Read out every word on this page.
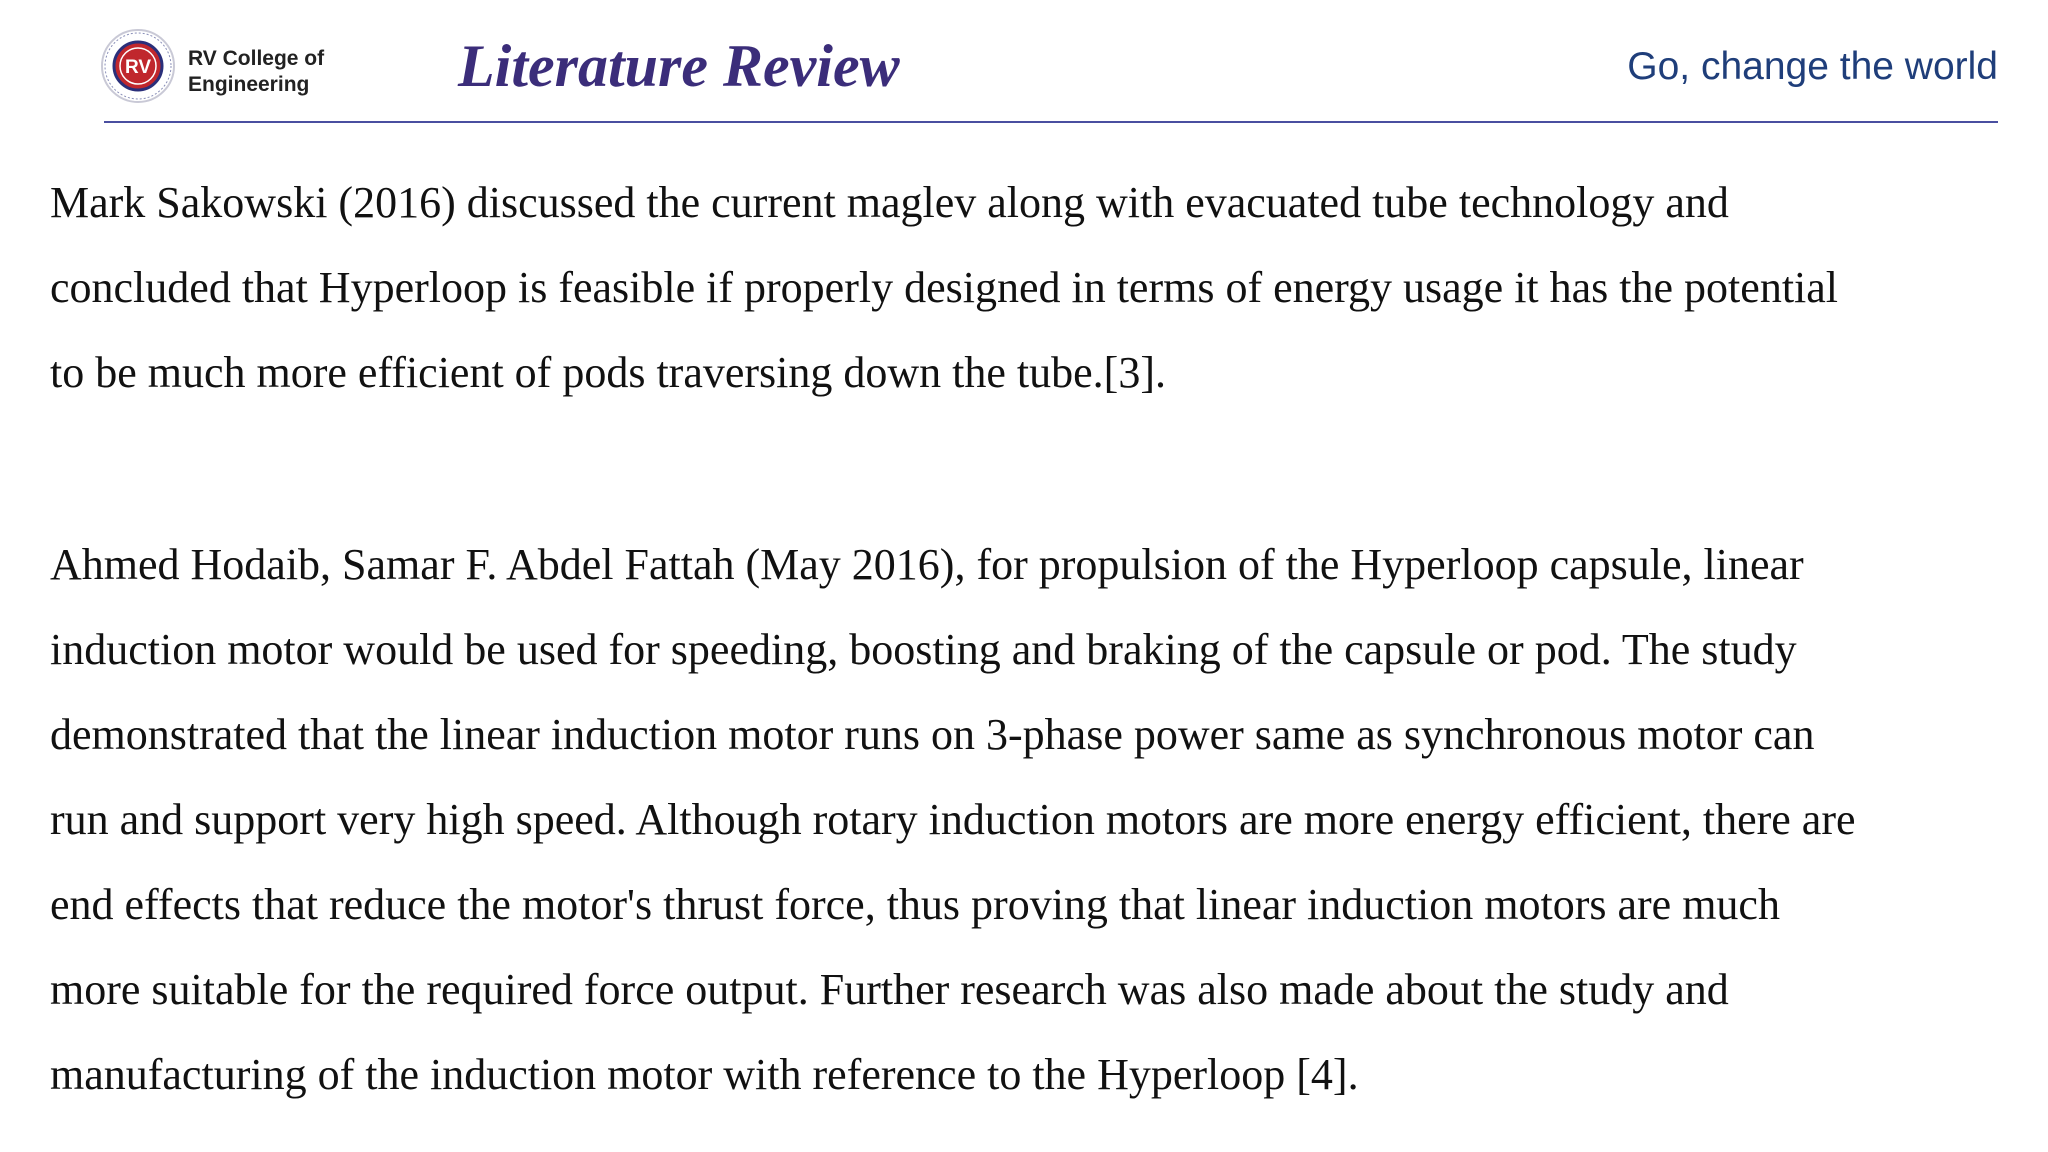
RV RV College of
Engineering Literature Review	Go, change the world

Mark Sakowski (2016) discussed the current maglev along with evacuated tube technology and
concluded that Hyperloop is feasible if properly designed in terms of energy usage it has the potential
to be much more efficient of pods traversing down the tube.[3].

Ahmed Hodaib, Samar F. Abdel Fattah (May 2016), for propulsion of the Hyperloop capsule, linear
induction motor would be used for speeding, boosting and braking of the capsule or pod. The study
demonstrated that the linear induction motor runs on 3-phase power same as synchronous motor can
run and support very high speed. Although rotary induction motors are more energy efficient, there are
end effects that reduce the motor's thrust force, thus proving that linear induction motors are much
more suitable for the required force output. Further research was also made about the study and
manufacturing of the induction motor with reference to the Hyperloop [4].
